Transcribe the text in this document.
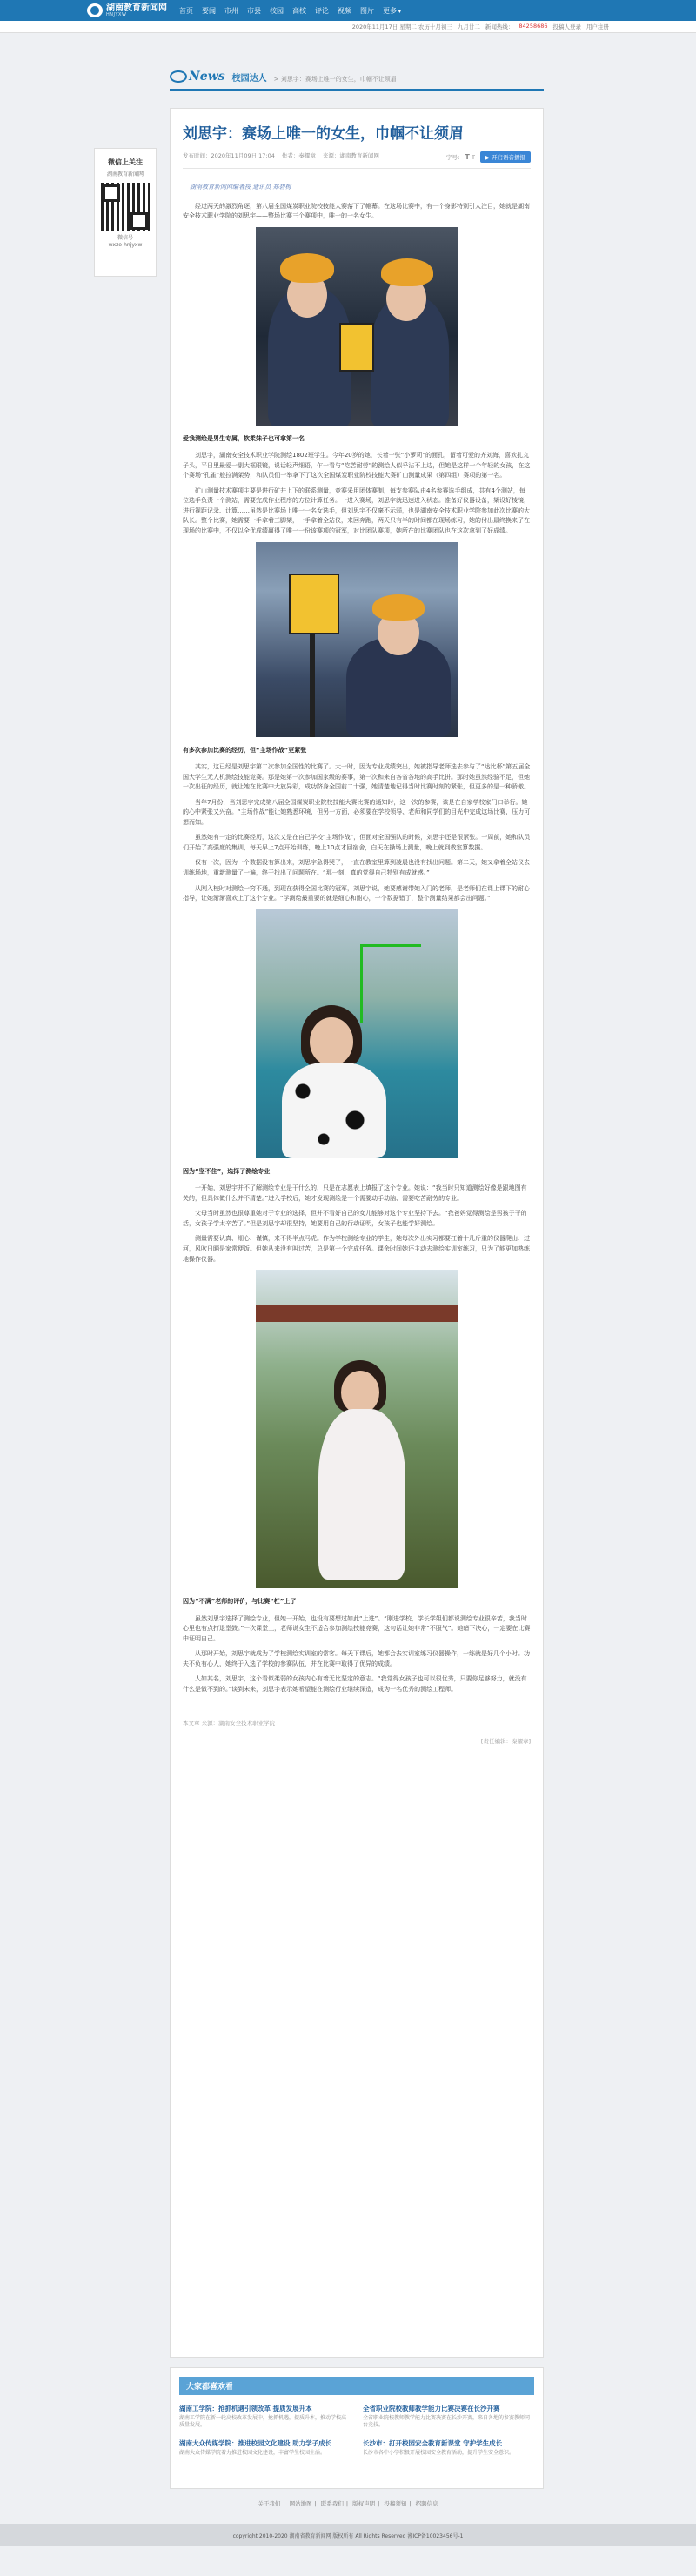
湖南教育新闻网
HNJYXW	首页 要闻 市州 市县 校园 高校 评论 视频 图片 更多 ▾
2020年11月17日 星期二 农历十月初三 九月廿二 新闻热线： 84258686 投稿人登录 用户注册
News 校园达人 > 刘思宇：赛场上唯一的女生，巾帼不让须眉
微信上关注
湖南教育新闻网
微信号
wxze-hnjyxw
刘思宇：赛场上唯一的女生，巾帼不让须眉
发布时间：2020年11月09日 17:04 作者：秦耀章 来源：湖南教育新闻网	字号： T T	▶ 开启语音播报
湖南教育新闻网编者按 通讯员 郑碧梅

经过两天的激烈角逐，第八届全国煤炭职业院校技能大赛落下了帷幕。在这场比赛中，有一个身影特别引人注目，她就是湖南安全技术职业学院的刘思宇——整场比赛三个赛项中，唯一的一名女生。

爱我测绘是男生专属，软柔妹子也可拿第一名

刘思宇，湖南安全技术职业学院测绘1802班学生。今年20岁的她，长着一张“小萝莉”的面孔，留着可爱的齐刘海，喜欢扎丸子头，平日里最爱一副大框眼镜，说话轻声细语，乍一看与“吃苦耐劳”的测绘人似乎沾不上边，但她是这样一个年轻的女孩，在这个赛场“孔雀”般拉满架势，和队员们一举拿下了这次全国煤炭职业院校技能大赛矿山测量成果（第四组）赛项的第一名。

矿山测量技术赛项主要是进行矿井上下的联系测量，竞赛采用团体赛制，每支参赛队由4名参赛选手组成，共有4个测站，每位选手负责一个测站，需要完成作业程序的方位计算任务。一进入赛场，刘思宇就迅速进入状态。准备好仪器设备，架设好棱镜，进行视距记录、计算……虽然是比赛场上唯一一名女选手，但刘思宇不仅毫不示弱，也是湖南安全技术职业学院参加此次比赛的大队长。整个比赛，她需要一手拿着三脚架，一手拿着全站仪，来回奔跑，两天只有半的时间都在现场练习，她的付出最终换来了在现场的比赛中，不仅以全优成绩赢得了唯一一份该赛项的冠军，对比团队赛项，她所在的比赛团队也在这次拿到了好成绩。

有多次参加比赛的经历，但“主场作战”更紧张

其实，这已经是刘思宇第二次参加全国性的比赛了。大一时，因为专业成绩突出，她被指导老师选去参与了“达比杯”第五届全国大学生无人机测绘技能竞赛。那是她第一次参加国家级的赛事，第一次和来自各省各地的高手比拼。那时她虽然经验不足，但她一次出征的经历，就让她在比赛中大放异彩，成功跻身全国前二十强，她清楚地记得当时比赛时刻的紧张，但更多的是一种骄傲。

当年7月份，当刘思宇完成第八届全国煤炭职业院校技能大赛比赛的通知时，这一次的参赛，该是在自家学校家门口举行。她的心中紧张又兴奋。“主场作战”能让她熟悉环境，但另一方面，必须要在学校领导、老师和同学们的目光中完成这场比赛，压力可想而知。

虽然她有一定的比赛经历，这次又是在自己学校“主场作战”，但面对全国强队的时候，刘思宇还是很紧张。一周前，她和队员们开始了高强度的集训，每天早上7点开始训练，晚上10点才回宿舍，白天在操场上测量，晚上就到教室算数据。

仅有一次，因为一个数据没有算出来，刘思宇急得哭了，一直在教室里算到凌晨也没有找出问题。第二天，她又拿着全站仪去训练场地，重新测量了一遍，终于找出了问题所在。“那一刻，真的觉得自己特别有成就感。”

从刚入校时对测绘一窍不通，到现在获得全国比赛的冠军，刘思宇说，她要感谢带她入门的老师，是老师们在课上课下的耐心指导，让她渐渐喜欢上了这个专业。“学测绘最重要的就是细心和耐心，一个数据错了，整个测量结果都会出问题。”

因为“坚不住”，选择了测绘专业

一开始，刘思宇并不了解测绘专业是干什么的，只是在志愿表上填报了这个专业。她说：“我当时只知道测绘好像是跟地图有关的，但具体做什么并不清楚。”进入学校后，她才发现测绘是一个需要动手动脑、需要吃苦耐劳的专业。

父母当时虽然也很尊重她对于专业的选择，但并不看好自己的女儿能够对这个专业坚持下去。“我爸妈觉得测绘是男孩子干的活，女孩子学太辛苦了。”但是刘思宇却很坚持，她要用自己的行动证明，女孩子也能学好测绘。

测量需要认真、细心、谨慎，来不得半点马虎。作为学校测绘专业的学生，她每次外出实习都要扛着十几斤重的仪器爬山、过河，风吹日晒是家常便饭。但她从来没有叫过苦，总是第一个完成任务。课余时间她还主动去测绘实训室练习，只为了能更加熟练地操作仪器。

因为“不满”老师的评价，与比赛“杠”上了

虽然刘思宇选择了测绘专业，但她一开始，也没有要想过如此“上进”。“刚进学校，学长学姐们都说测绘专业很辛苦，我当时心里也有点打退堂鼓。”一次课堂上，老师说女生不适合参加测绘技能竞赛，这句话让她非常“不服气”。她暗下决心，一定要在比赛中证明自己。

从那时开始，刘思宇就成为了学校测绘实训室的常客。每天下课后，她都会去实训室练习仪器操作，一练就是好几个小时。功夫不负有心人，她终于入选了学校的参赛队伍，并在比赛中取得了优异的成绩。

人如其名，刘思宇，这个看似柔弱的女孩内心有着无比坚定的意志。“我觉得女孩子也可以很优秀，只要你足够努力，就没有什么是做不到的。”谈到未来，刘思宇表示她希望能在测绘行业继续深造，成为一名优秀的测绘工程师。

本文章 来源：湖南安全技术职业学院

[责任编辑：秦耀章]

大家都喜欢看
湖南工学院：抢抓机遇引领改革 提质发展升本
湖南工学院在新一轮高校改革发展中，抢抓机遇，提质升本，推动学校高质量发展。
全省职业院校教师教学能力比赛决赛在长沙开赛
全省职业院校教师教学能力比赛决赛在长沙开赛，来自各地的参赛教师同台竞技。
湖南大众传媒学院：推进校园文化建设 助力学子成长
湖南大众传媒学院着力推进校园文化建设，丰富学生校园生活。
长沙市：打开校园安全教育新课堂 守护学生成长
长沙市各中小学积极开展校园安全教育活动，提升学生安全意识。
关于我们 | 网站地图 | 联系我们 | 版权声明 | 投稿须知 | 招聘信息
copyright 2010-2020 湖南省教育新闻网 版权所有 All Rights Reserved 湘ICP备10023456号-1
